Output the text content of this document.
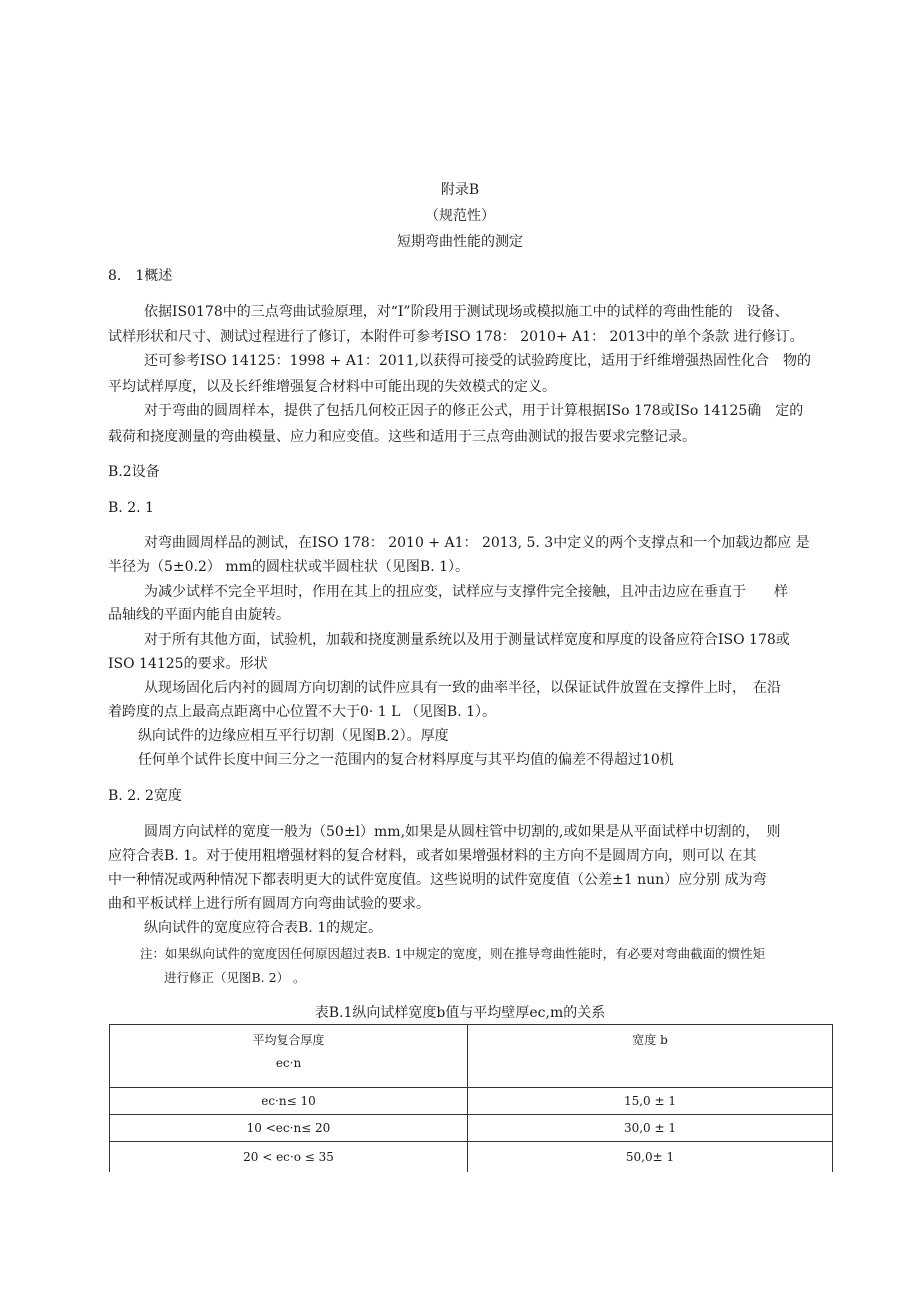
附录B
（规范性）
短期弯曲性能的测定
8.　1概述
依据IS0178中的三点弯曲试验原理，对“I”阶段用于测试现场或模拟施工中的试样的弯曲性能的　设备、
试样形状和尺寸、测试过程进行了修订，本附件可参考ISO 178： 2010+ A1： 2013中的单个条款 进行修订。
还可参考ISO 14125：1998 + A1：2011,以获得可接受的试验跨度比，适用于纤维增强热固性化合　物的
平均试样厚度，以及长纤维增强复合材料中可能出现的失效模式的定义。
对于弯曲的圆周样本，提供了包括几何校正因子的修正公式，用于计算根据ISo 178或ISo 14125确　定的
载荷和挠度测量的弯曲模量、应力和应变值。这些和适用于三点弯曲测试的报告要求完整记录。
B.2设备
B. 2. 1
对弯曲圆周样品的测试，在ISO 178： 2010 + A1： 2013, 5. 3中定义的两个支撑点和一个加载边都应 是
半径为（5±0.2） mm的圆柱状或半圆柱状（见图B. 1）。
为减少试样不完全平坦时，作用在其上的扭应变，试样应与支撑件完全接触，且冲击边应在垂直于　　样
品轴线的平面内能自由旋转。
对于所有其他方面，试验机，加载和挠度测量系统以及用于测量试样宽度和厚度的设备应符合ISO 178或
ISO 14125的要求。形状
从现场固化后内衬的圆周方向切割的试件应具有一致的曲率半径，以保证试件放置在支撑件上时，　在沿
着跨度的点上最高点距离中心位置不大于0· 1 L （见图B. 1）。
纵向试件的边缘应相互平行切割（见图B.2）。厚度
任何单个试件长度中间三分之一范围内的复合材料厚度与其平均值的偏差不得超过10机
B. 2. 2宽度
圆周方向试样的宽度一般为（50±l）mm,如果是从圆柱管中切割的,或如果是从平面试样中切割的，　则
应符合表B. 1。对于使用粗增强材料的复合材料，或者如果增强材料的主方向不是圆周方向，则可以 在其
中一种情况或两种情况下都表明更大的试件宽度值。这些说明的试件宽度值（公差±1 nun）应分别 成为弯
曲和平板试样上进行所有圆周方向弯曲试验的要求。
纵向试件的宽度应符合表B. 1的规定。
注：如果纵向试件的宽度因任何原因超过表B. 1中规定的宽度，则在推导弯曲性能时，有必要对弯曲截面的惯性矩
进行修正（见图B. 2） 。
表B.1纵向试样宽度b值与平均壁厚ec,m的关系
平均复合厚度
ec·n	宽度 b
ec·n≤ 10	15,0 ± 1
10 <ec·n≤ 20	30,0 ± 1
20 < ec·o ≤ 35	50,0± 1
